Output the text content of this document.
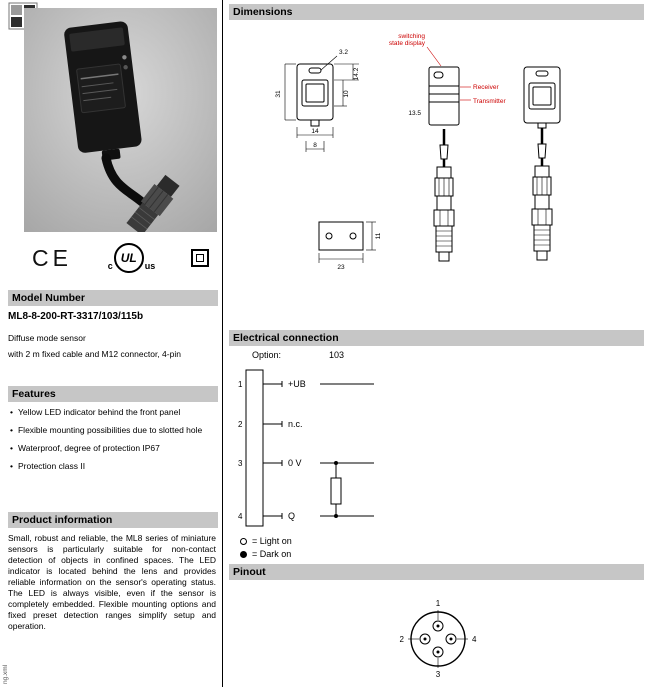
CE	c
UL
us
Model Number
ML8-8-200-RT-3317/103/115b
Diffuse mode sensor
with 2 m fixed cable and M12 connector, 4-pin
Features
• Yellow LED indicator behind the front panel
• Flexible mounting possibilities due to slotted hole
• Waterproof, degree of protection IP67
• Protection class II
Product information
Small, robust and reliable, the ML8 series of miniature sensors is particularly suitable for non-contact detection of objects in confined spaces. The LED indicator is located behind the lens and provides reliable information on the sensor's operating status. The LED is always visible, even if the sensor is completely embedded. Flexible mounting options and fixed preset detection ranges simplify setup and operation.
ng.xml
Dimensions
31
14.2
10
3.2
14
8
13.5
switching
state display
Receiver
Transmitter
23
11
Electrical connection
Option:	103
1
2
3
4
+UB
n.c.
0 V
Q
= Light on
= Dark on
Pinout
1
4
3
2
